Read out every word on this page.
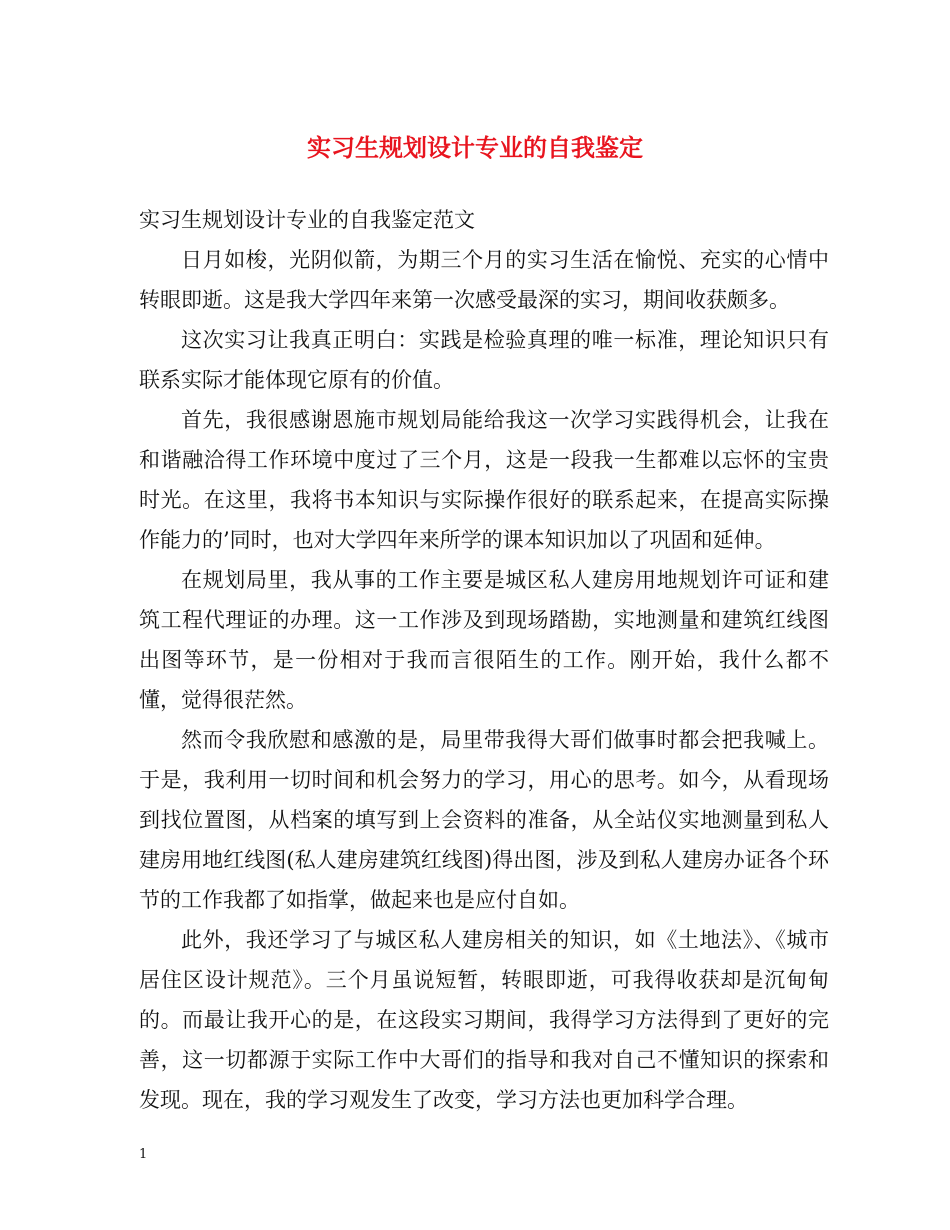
实习生规划设计专业的自我鉴定

实习生规划设计专业的自我鉴定范文

日月如梭，光阴似箭，为期三个月的实习生活在愉悦、充实的心情中转眼即逝。这是我大学四年来第一次感受最深的实习，期间收获颇多。

这次实习让我真正明白：实践是检验真理的唯一标准，理论知识只有联系实际才能体现它原有的价值。

首先，我很感谢恩施市规划局能给我这一次学习实践得机会，让我在和谐融洽得工作环境中度过了三个月，这是一段我一生都难以忘怀的宝贵时光。在这里，我将书本知识与实际操作很好的联系起来，在提高实际操作能力的’同时，也对大学四年来所学的课本知识加以了巩固和延伸。

在规划局里，我从事的工作主要是城区私人建房用地规划许可证和建筑工程代理证的办理。这一工作涉及到现场踏勘，实地测量和建筑红线图出图等环节，是一份相对于我而言很陌生的工作。刚开始，我什么都不懂，觉得很茫然。

然而令我欣慰和感激的是，局里带我得大哥们做事时都会把我喊上。于是，我利用一切时间和机会努力的学习，用心的思考。如今，从看现场到找位置图，从档案的填写到上会资料的准备，从全站仪实地测量到私人建房用地红线图(私人建房建筑红线图)得出图，涉及到私人建房办证各个环节的工作我都了如指掌，做起来也是应付自如。

此外，我还学习了与城区私人建房相关的知识，如《土地法》、《城市居住区设计规范》。三个月虽说短暂，转眼即逝，可我得收获却是沉甸甸的。而最让我开心的是，在这段实习期间，我得学习方法得到了更好的完善，这一切都源于实际工作中大哥们的指导和我对自己不懂知识的探索和发现。现在，我的学习观发生了改变，学习方法也更加科学合理。

1
